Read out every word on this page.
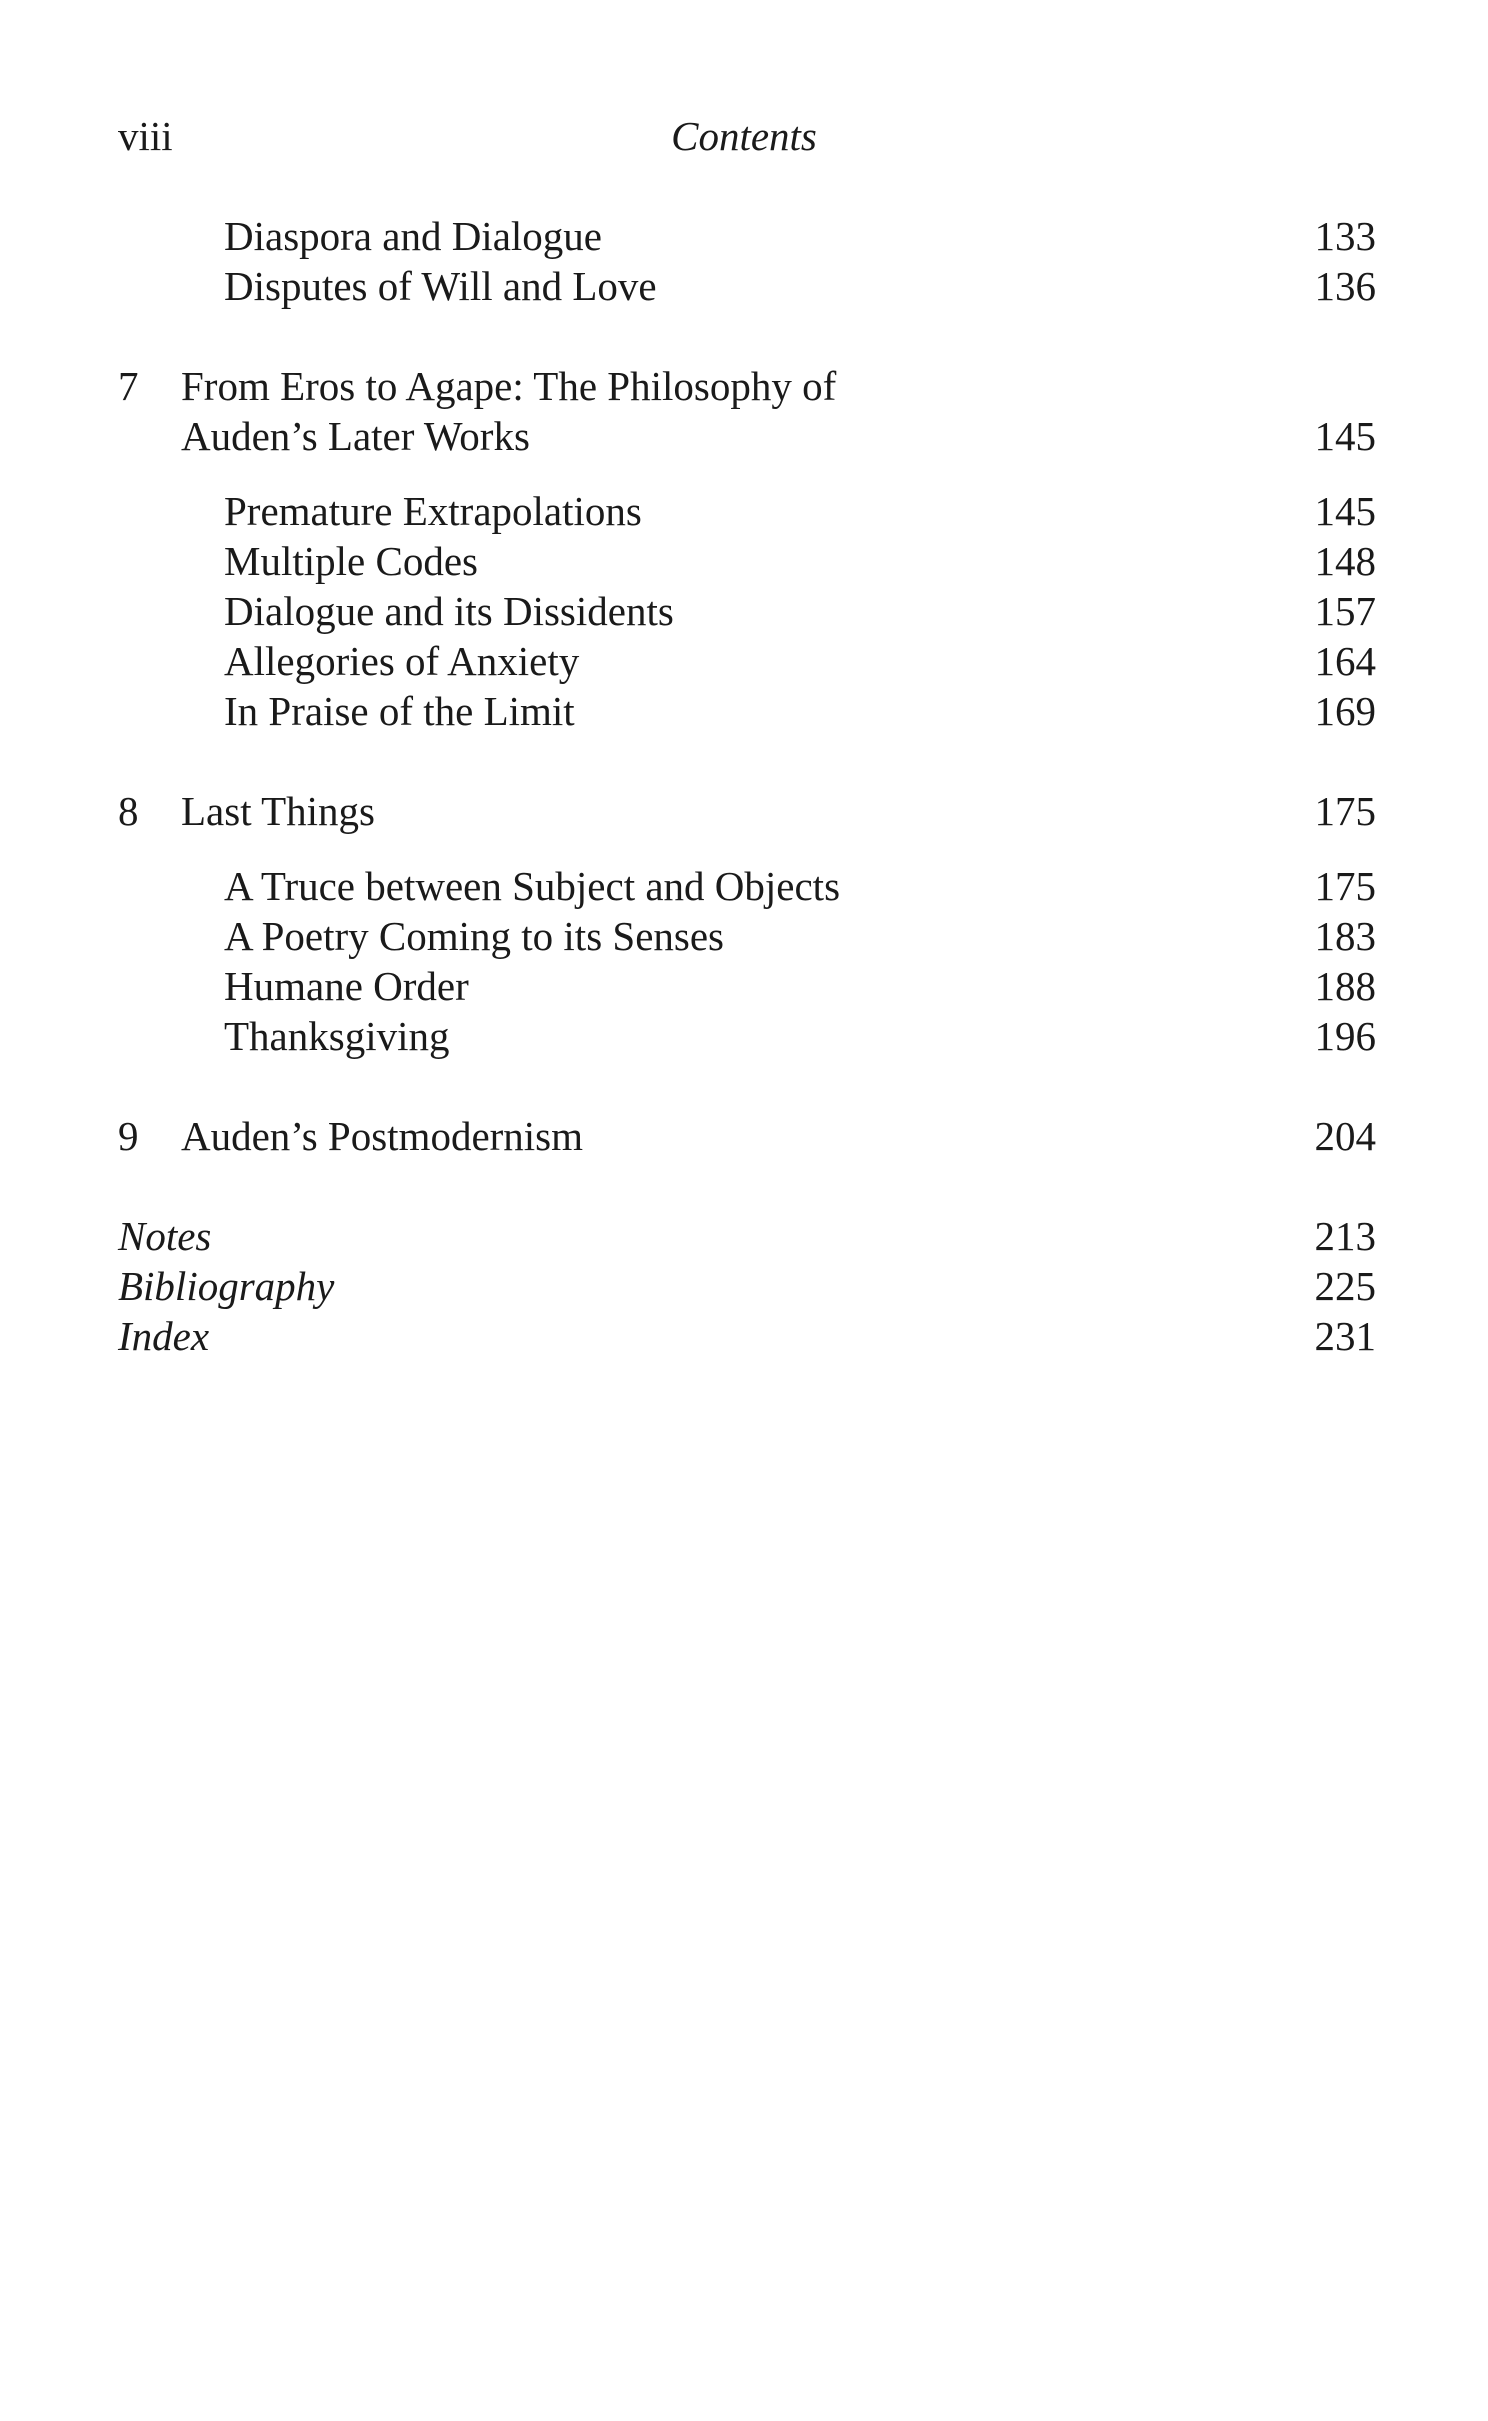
viii	Contents
Diaspora and Dialogue	133
Disputes of Will and Love	136
7 From Eros to Agape: The Philosophy of
Auden’s Later Works	145
Premature Extrapolations	145
Multiple Codes	148
Dialogue and its Dissidents	157
Allegories of Anxiety	164
In Praise of the Limit	169
8 Last Things	175
A Truce between Subject and Objects	175
A Poetry Coming to its Senses	183
Humane Order	188
Thanksgiving	196
9 Auden’s Postmodernism	204
Notes	213
Bibliography	225
Index	231
